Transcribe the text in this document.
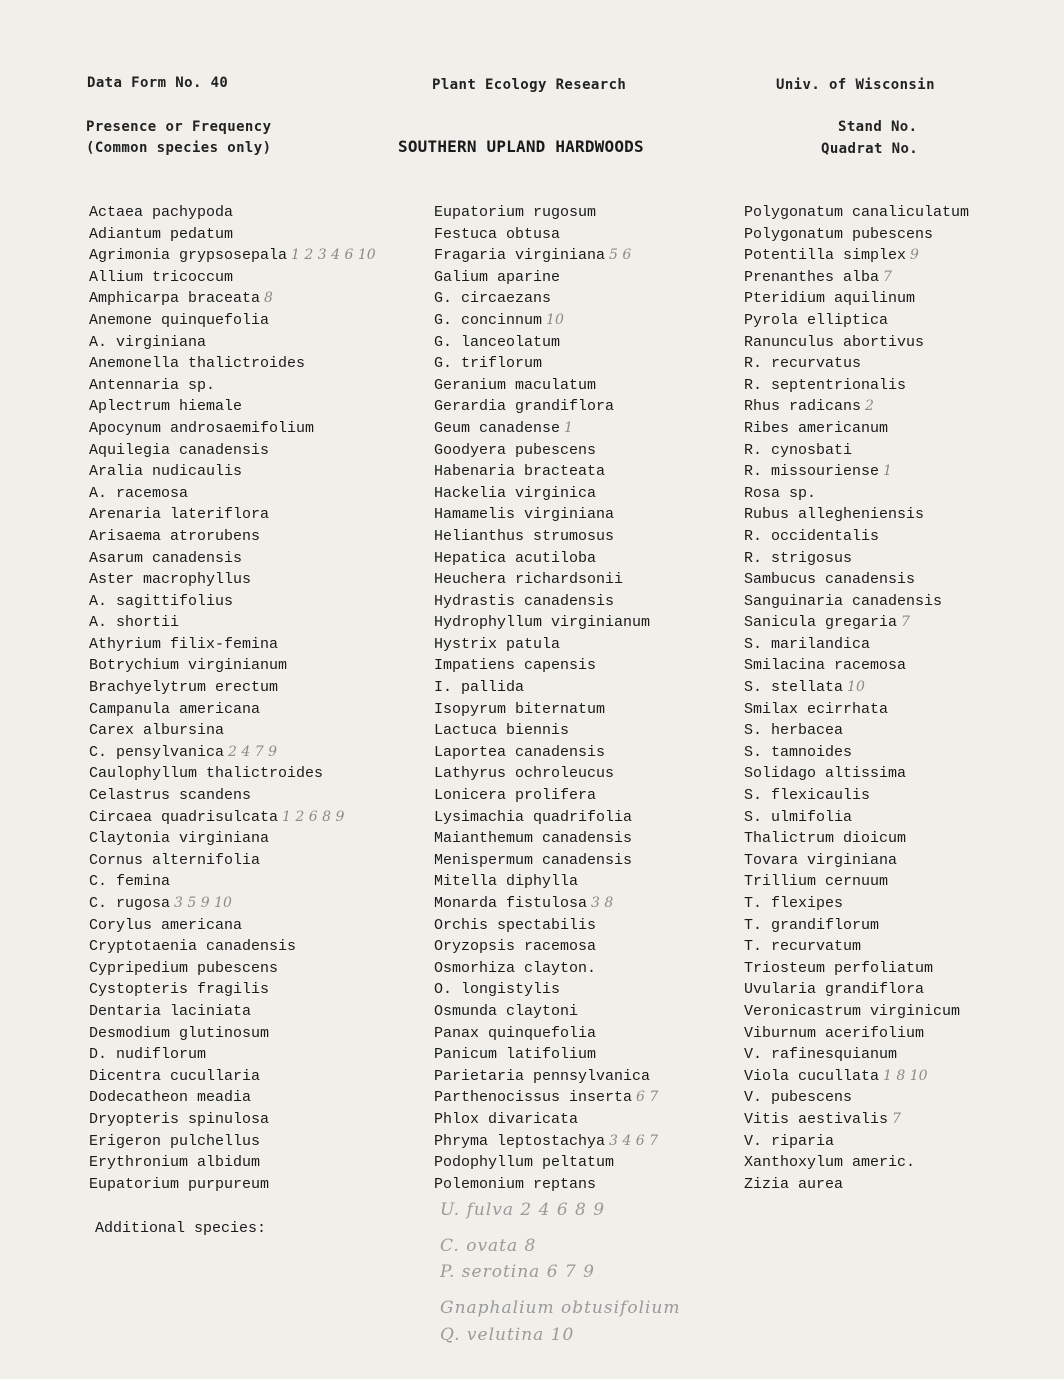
Data Form No. 40	Plant Ecology Research	Univ. of Wisconsin
Presence or Frequency
(Common species only)
Stand No.
Quadrat No.
SOUTHERN UPLAND HARDWOODS
Actaea pachypoda
Adiantum pedatum
Agrimonia grypsosepala 1 2 3 4 6 10
Allium tricoccum
Amphicarpa braceata 8
Anemone quinquefolia
A. virginiana
Anemonella thalictroides
Antennaria sp.
Aplectrum hiemale
Apocynum androsaemifolium
Aquilegia canadensis
Aralia nudicaulis
A. racemosa
Arenaria lateriflora
Arisaema atrorubens
Asarum canadensis
Aster macrophyllus
A. sagittifolius
A. shortii
Athyrium filix-femina
Botrychium virginianum
Brachyelytrum erectum
Campanula americana
Carex albursina
C. pensylvanica 2 4 7 9
Caulophyllum thalictroides
Celastrus scandens
Circaea quadrisulcata 1 2 6 8 9
Claytonia virginiana
Cornus alternifolia
C. femina
C. rugosa 3 5 9 10
Corylus americana
Cryptotaenia canadensis
Cypripedium pubescens
Cystopteris fragilis
Dentaria laciniata
Desmodium glutinosum
D. nudiflorum
Dicentra cucullaria
Dodecatheon meadia
Dryopteris spinulosa
Erigeron pulchellus
Erythronium albidum
Eupatorium purpureum
Eupatorium rugosum
Festuca obtusa
Fragaria virginiana 5 6
Galium aparine
G. circaezans
G. concinnum 10
G. lanceolatum
G. triflorum
Geranium maculatum
Gerardia grandiflora
Geum canadense 1
Goodyera pubescens
Habenaria bracteata
Hackelia virginica
Hamamelis virginiana
Helianthus strumosus
Hepatica acutiloba
Heuchera richardsonii
Hydrastis canadensis
Hydrophyllum virginianum
Hystrix patula
Impatiens capensis
I. pallida
Isopyrum biternatum
Lactuca biennis
Laportea canadensis
Lathyrus ochroleucus
Lonicera prolifera
Lysimachia quadrifolia
Maianthemum canadensis
Menispermum canadensis
Mitella diphylla
Monarda fistulosa 3 8
Orchis spectabilis
Oryzopsis racemosa
Osmorhiza clayton.
O. longistylis
Osmunda claytoni
Panax quinquefolia
Panicum latifolium
Parietaria pennsylvanica
Parthenocissus inserta 6 7
Phlox divaricata
Phryma leptostachya 3 4 6 7
Podophyllum peltatum
Polemonium reptans
Polygonatum canaliculatum
Polygonatum pubescens
Potentilla simplex 9
Prenanthes alba 7
Pteridium aquilinum
Pyrola elliptica
Ranunculus abortivus
R. recurvatus
R. septentrionalis
Rhus radicans 2
Ribes americanum
R. cynosbati
R. missouriense 1
Rosa sp.
Rubus allegheniensis
R. occidentalis
R. strigosus
Sambucus canadensis
Sanguinaria canadensis
Sanicula gregaria 7
S. marilandica
Smilacina racemosa
S. stellata 10
Smilax ecirrhata
S. herbacea
S. tamnoides
Solidago altissima
S. flexicaulis
S. ulmifolia
Thalictrum dioicum
Tovara virginiana
Trillium cernuum
T. flexipes
T. grandiflorum
T. recurvatum
Triosteum perfoliatum
Uvularia grandiflora
Veronicastrum virginicum
Viburnum acerifolium
V. rafinesquianum
Viola cucullata 1 8 10
V. pubescens
Vitis aestivalis 7
V. riparia
Xanthoxylum americ.
Zizia aurea
Additional species:
U. fulva 2 4 6 8 9
C. ovata 8
P. serotina 6 7 9
Gnaphalium obtusifolium
Q. velutina 10
